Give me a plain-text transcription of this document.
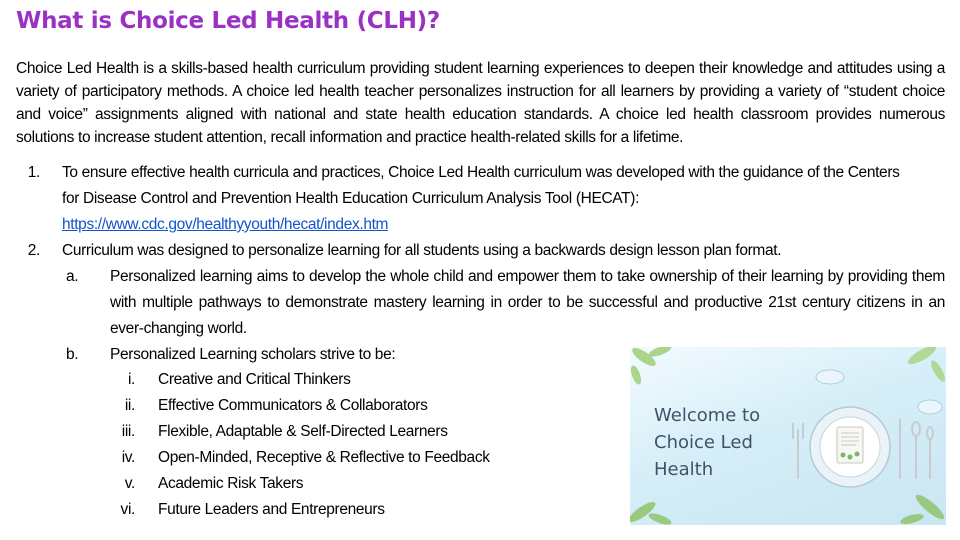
What is Choice Led Health (CLH)?

Choice Led Health is a skills-based health curriculum providing student learning experiences to deepen their knowledge and attitudes using a variety of participatory methods. A choice led health teacher personalizes instruction for all learners by providing a variety of “student choice and voice” assignments aligned with national and state health education standards. A choice led health classroom provides numerous solutions to increase student attention, recall information and practice health-related skills for a lifetime.

1. To ensure effective health curricula and practices, Choice Led Health curriculum was developed with the guidance of the Centers
for Disease Control and Prevention Health Education Curriculum Analysis Tool (HECAT):
https://www.cdc.gov/healthyyouth/hecat/index.htm
2. Curriculum was designed to personalize learning for all students using a backwards design lesson plan format.
a.	Personalized learning aims to develop the whole child and empower them to take ownership of their learning by providing them with multiple pathways to demonstrate mastery learning in order to be successful and productive 21st century citizens in an ever-changing world.
b.	Personalized Learning scholars strive to be:
i. Creative and Critical Thinkers
ii. Effective Communicators & Collaborators
iii. Flexible, Adaptable & Self-Directed Learners
iv. Open-Minded, Receptive & Reflective to Feedback
v. Academic Risk Takers
vi. Future Leaders and Entrepreneurs
Welcome to
Choice Led
Health
